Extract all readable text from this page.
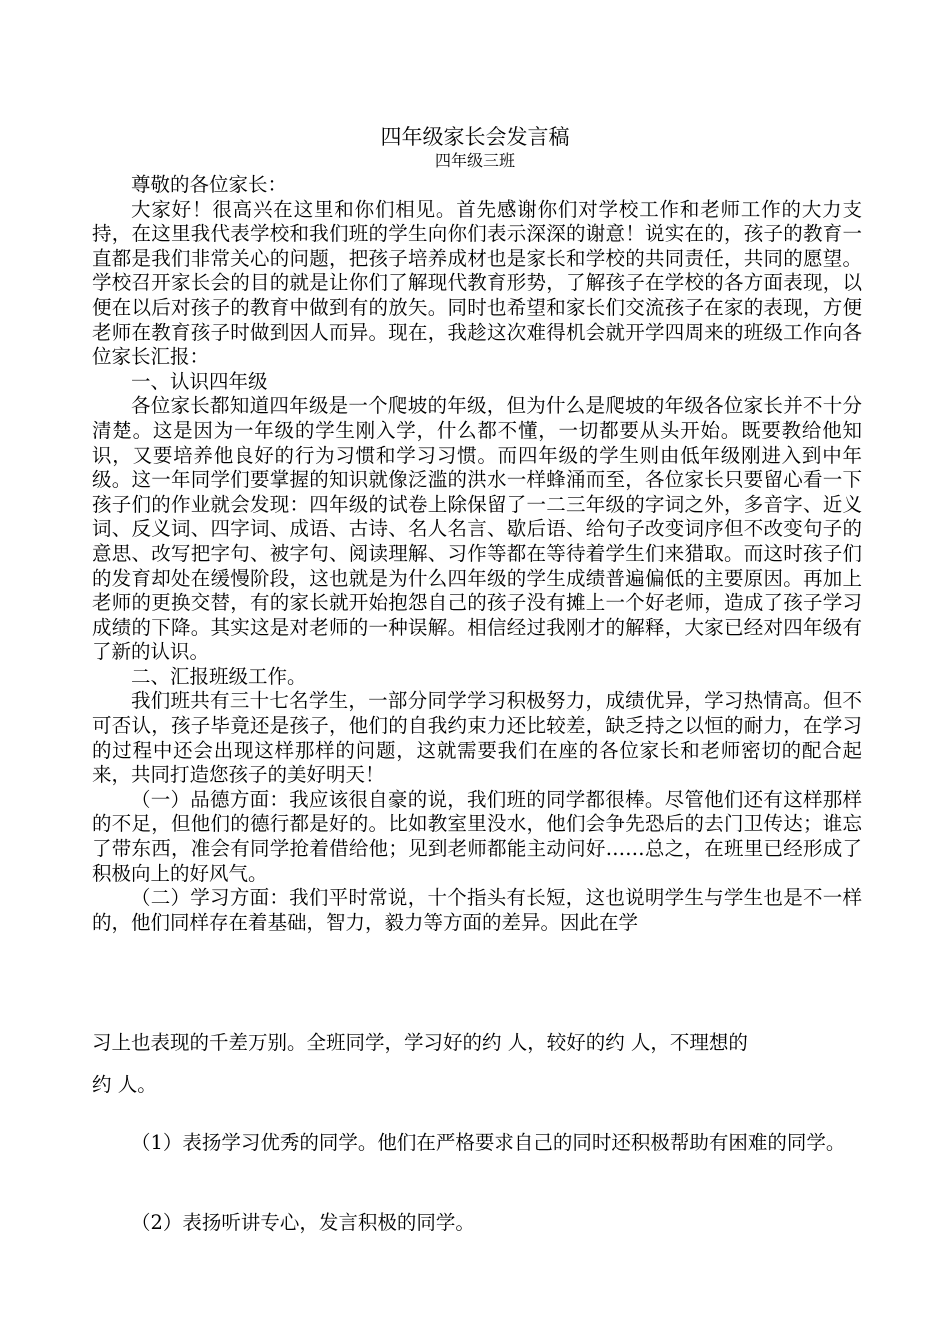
四年级家长会发言稿
四年级三班

尊敬的各位家长：

大家好！很高兴在这里和你们相见。首先感谢你们对学校工作和老师工作的大力支持，在这里我代表学校和我们班的学生向你们表示深深的谢意！说实在的，孩子的教育一直都是我们非常关心的问题，把孩子培养成材也是家长和学校的共同责任，共同的愿望。学校召开家长会的目的就是让你们了解现代教育形势，了解孩子在学校的各方面表现，以便在以后对孩子的教育中做到有的放矢。同时也希望和家长们交流孩子在家的表现，方便老师在教育孩子时做到因人而异。现在，我趁这次难得机会就开学四周来的班级工作向各位家长汇报：

一、认识四年级

各位家长都知道四年级是一个爬坡的年级，但为什么是爬坡的年级各位家长并不十分清楚。这是因为一年级的学生刚入学，什么都不懂，一切都要从头开始。既要教给他知识，又要培养他良好的行为习惯和学习习惯。而四年级的学生则由低年级刚进入到中年级。这一年同学们要掌握的知识就像泛滥的洪水一样蜂涌而至，各位家长只要留心看一下孩子们的作业就会发现：四年级的试卷上除保留了一二三年级的字词之外，多音字、近义词、反义词、四字词、成语、古诗、名人名言、歇后语、给句子改变词序但不改变句子的意思、改写把字句、被字句、阅读理解、习作等都在等待着学生们来猎取。而这时孩子们的发育却处在缓慢阶段，这也就是为什么四年级的学生成绩普遍偏低的主要原因。再加上老师的更换交替，有的家长就开始抱怨自己的孩子没有摊上一个好老师，造成了孩子学习成绩的下降。其实这是对老师的一种误解。相信经过我刚才的解释，大家已经对四年级有了新的认识。

二、汇报班级工作。

我们班共有三十七名学生，一部分同学学习积极努力，成绩优异，学习热情高。但不可否认，孩子毕竟还是孩子，他们的自我约束力还比较差，缺乏持之以恒的耐力，在学习的过程中还会出现这样那样的问题，这就需要我们在座的各位家长和老师密切的配合起来，共同打造您孩子的美好明天！

（一）品德方面：我应该很自豪的说，我们班的同学都很棒。尽管他们还有这样那样的不足，但他们的德行都是好的。比如教室里没水，他们会争先恐后的去门卫传达；谁忘了带东西，准会有同学抢着借给他；见到老师都能主动问好……总之，在班里已经形成了积极向上的好风气。

（二）学习方面：我们平时常说，十个指头有长短，这也说明学生与学生也是不一样的，他们同样存在着基础，智力，毅力等方面的差异。因此在学

习上也表现的千差万别。全班同学，学习好的约 人，较好的约 人，不理想的

约 人。

（1）表扬学习优秀的同学。他们在严格要求自己的同时还积极帮助有困难的同学。

（2）表扬听讲专心，发言积极的同学。
